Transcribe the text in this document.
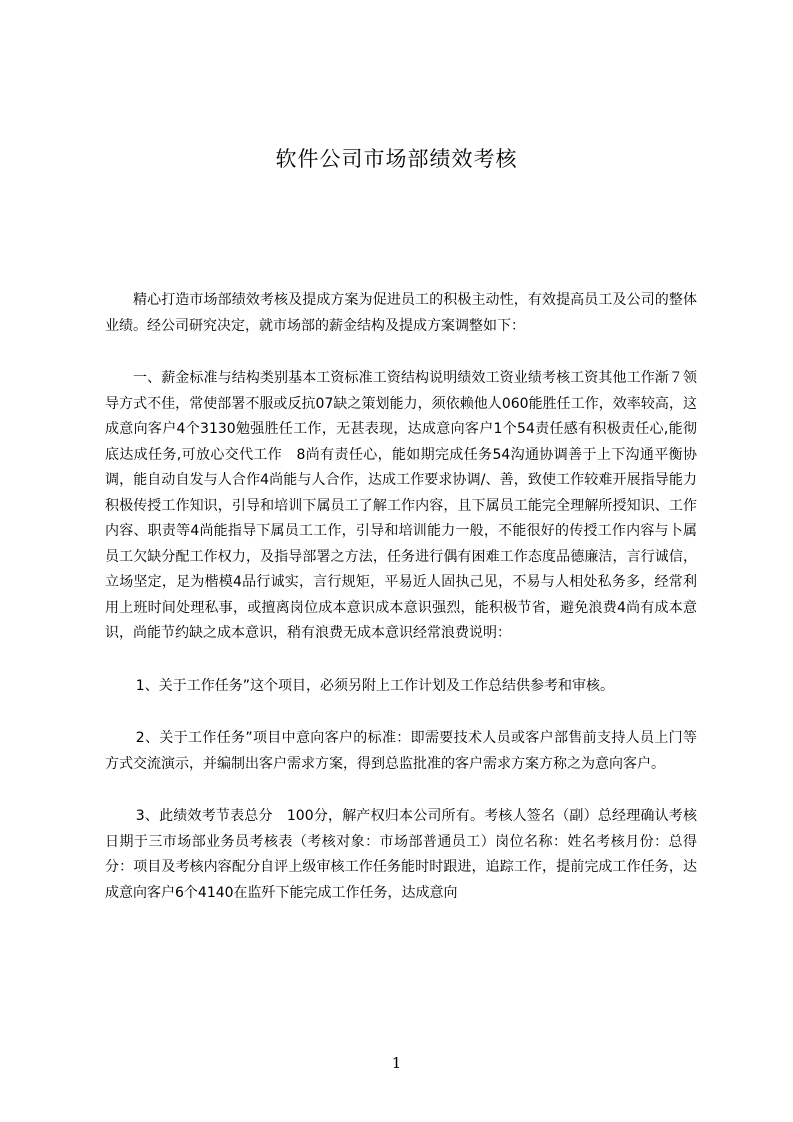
软件公司市场部绩效考核

精心打造市场部绩效考核及提成方案为促进员工的积极主动性，有效提高员工及公司的整体业绩。经公司研究决定，就市场部的薪金结构及提成方案调整如下：

一、薪金标准与结构类别基本工资标准工资结构说明绩效工资业绩考核工资其他工作渐７领导方式不佳，常使部署不服或反抗07缺之策划能力，须依赖他人060能胜任工作，效率较高，这成意向客户4个3130勉强胜任工作，无甚表现，达成意向客户1个54责任感有积极责任心,能彻底达成任务,可放心交代工作　8尚有责任心，能如期完成任务54沟通协调善于上下沟通平衡协调，能自动自发与人合作4尚能与人合作，达成工作要求协调/、善，致使工作较难开展指导能力积极传授工作知识，引导和培训下属员工了解工作内容，且下属员工能完全理解所授知识、工作内容、职责等4尚能指导下属员工工作，引导和培训能力一般，不能很好的传授工作内容与卜属员工欠缺分配工作权力，及指导部署之方法，任务进行偶有困难工作态度品德廉洁，言行诚信，立场坚定，足为楷模4品行诚实，言行规矩，平易近人固执己见，不易与人相处私务多，经常利用上班时间处理私事，或擅离岗位成本意识成本意识强烈，能积极节省，避免浪费4尚有成本意识，尚能节约缺之成本意识，稍有浪费无成本意识经常浪费说明：

1、关于工作任务”这个项目，必须另附上工作计划及工作总结供参考和审核。

2、关于工作任务”项目中意向客户的标准：即需要技术人员或客户部售前支持人员上门等方式交流演示，并编制出客户需求方案，得到总监批准的客户需求方案方称之为意向客户。

3、此绩效考节表总分　100分，解产权归本公司所有。考核人签名（副）总经理确认考核日期于三市场部业务员考核表（考核对象：市场部普通员工）岗位名称：姓名考核月份：总得分：项目及考核内容配分自评上级审核工作任务能时时跟进，追踪工作，提前完成工作任务，达成意向客户6个4140在监歼下能完成工作任务，达成意向

1
